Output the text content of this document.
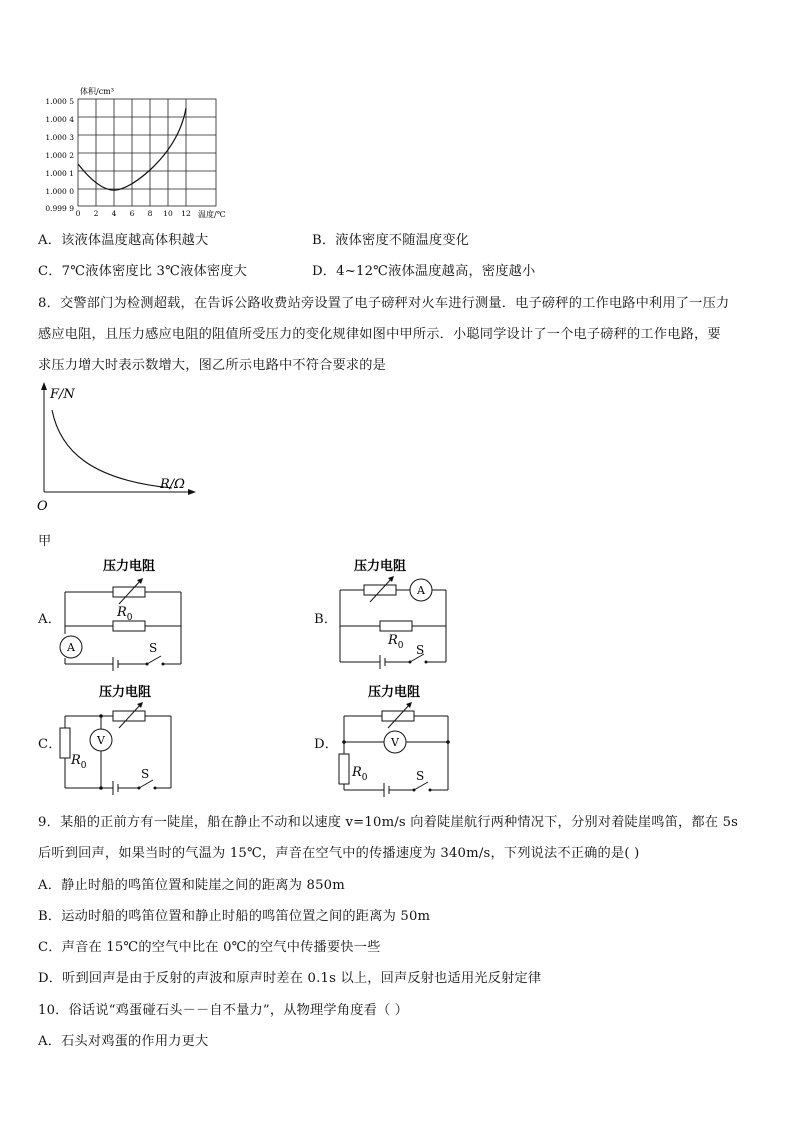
体积/cm³
温度/℃
1.000 5
1.000 4
1.000 3
1.000 2
1.000 1
1.000 0
0.999 9
0 2 4 6 8 10 12
A．该液体温度越高体积越大	B．液体密度不随温度变化
C．7℃液体密度比 3℃液体密度大	D．4~12℃液体温度越高，密度越小
8．交警部门为检测超载，在告诉公路收费站旁设置了电子磅秤对火车进行测量．电子磅秤的工作电路中利用了一压力
感应电阻，且压力感应电阻的阻值所受压力的变化规律如图中甲所示．小聪同学设计了一个电子磅秤的工作电路，要
求压力增大时表示数增大，图乙所示电路中不符合要求的是
F/N
R/Ω
O
甲
A．
压力电阻
A
$R_0$
S
B．
压力电阻
A
$R_0$ S
C．
压力电阻
V
$R_0$
S
D．
压力电阻
V
$R_0$	S
9．某船的正前方有一陡崖，船在静止不动和以速度 v=10m/s 向着陡崖航行两种情况下，分别对着陡崖鸣笛，都在 5s
后听到回声，如果当时的气温为 15℃，声音在空气中的传播速度为 340m/s，下列说法不正确的是( )
A．静止时船的鸣笛位置和陡崖之间的距离为 850m
B．运动时船的鸣笛位置和静止时船的鸣笛位置之间的距离为 50m
C．声音在 15℃的空气中比在 0℃的空气中传播要快一些
D．听到回声是由于反射的声波和原声时差在 0.1s 以上，回声反射也适用光反射定律
10．俗话说“鸡蛋碰石头－－自不量力”，从物理学角度看（ ）
A．石头对鸡蛋的作用力更大
